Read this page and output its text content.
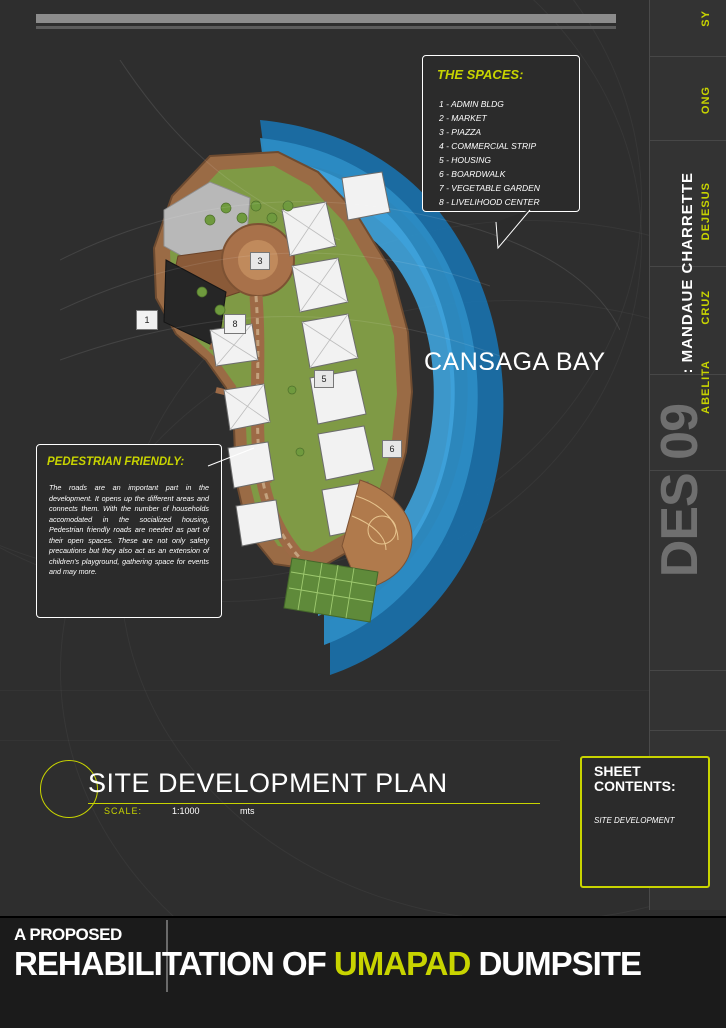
1	8
3
5
6
CANSAGA BAY
THE SPACES:
1 - ADMIN BLDG
2 - MARKET
3 - PIAZZA
4 - COMMERCIAL STRIP
5 - HOUSING
6 - BOARDWALK
7 - VEGETABLE GARDEN
8 - LIVELIHOOD CENTER
PEDESTRIAN FRIENDLY:
The roads are an important part in the development. It opens up the different areas and connects them. With the number of households accomodated in the socialized housing, Pedestrian friendly roads are needed as part of their open spaces. These are not only safety precautions but they also act as an extension of children's playground, gathering space for events and may more.
SY
ONG
DEJESUS
CRUZ
ABELITA
: MANDAUE CHARRETTE
DES 09
SITE DEVELOPMENT PLAN
SCALE:	1:1000	mts
SHEET
CONTENTS:
SITE DEVELOPMENT
A PROPOSED
REHABILITATION OF UMAPAD DUMPSITE
